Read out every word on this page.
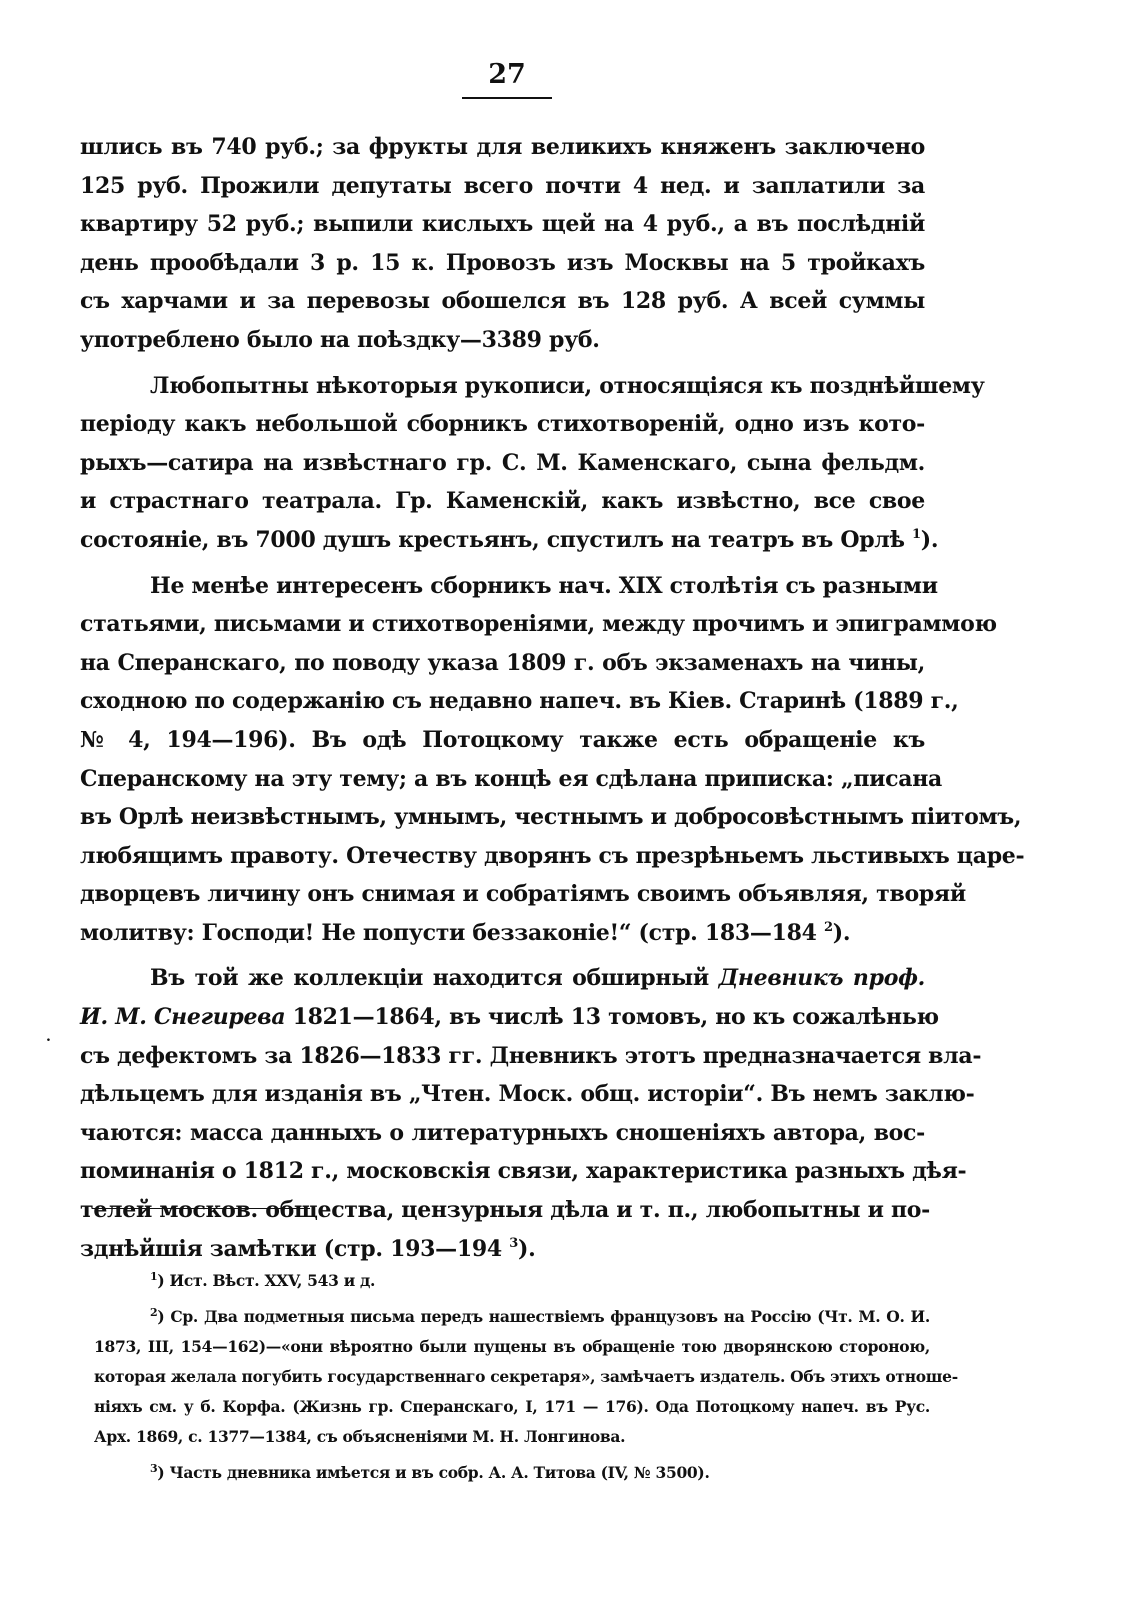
27
шлись въ 740 руб.; за фрукты для великихъ княженъ заключено
125 руб. Прожили депутаты всего почти 4 нед. и заплатили за
квартиру 52 руб.; выпили кислыхъ щей на 4 руб., а въ послѣдній
день прообѣдали 3 р. 15 к. Провозъ изъ Москвы на 5 тройкахъ
съ харчами и за перевозы обошелся въ 128 руб. А всей суммы
употреблено было на поѣздку—3389 руб.
Любопытны нѣкоторыя рукописи, относящіяся къ позднѣйшему
періоду какъ небольшой сборникъ стихотвореній, одно изъ кото-
рыхъ—сатира на извѣстнаго гр. С. М. Каменскаго, сына фельдм.
и страстнаго театрала. Гр. Каменскій, какъ извѣстно, все свое
состояніе, въ 7000 душъ крестьянъ, спустилъ на театръ въ Орлѣ $^1$).
Не менѣе интересенъ сборникъ нач. XIX столѣтія съ разными
статьями, письмами и стихотвореніями, между прочимъ и эпиграммою
на Сперанскаго, по поводу указа 1809 г. объ экзаменахъ на чины,
сходною по содержанію съ недавно напеч. въ Кіев. Старинѣ (1889 г.,
№ 4, 194—196). Въ одѣ Потоцкому также есть обращеніе къ
Сперанскому на эту тему; а въ концѣ ея сдѣлана приписка: „писана
въ Орлѣ неизвѣстнымъ, умнымъ, честнымъ и добросовѣстнымъ піитомъ,
любящимъ правоту. Отечеству дворянъ съ презрѣньемъ льстивыхъ царе-
дворцевъ личину онъ снимая и собратіямъ своимъ объявляя, творяй
молитву: Господи! Не попусти беззаконіе!“ (стр. 183—184 $^2$).
Въ той же коллекціи находится обширный Дневникъ проф.
И. М. Снегирева 1821—1864, въ числѣ 13 томовъ, но къ сожалѣнью
съ дефектомъ за 1826—1833 гг. Дневникъ этотъ предназначается вла-
дѣльцемъ для изданія въ „Чтен. Моск. общ. исторіи“. Въ немъ заклю-
чаются: масса данныхъ о литературныхъ сношеніяхъ автора, вос-
поминанія о 1812 г., московскія связи, характеристика разныхъ дѣя-
телей москов. общества, цензурныя дѣла и т. п., любопытны и по-
зднѣйшія замѣтки (стр. 193—194 $^3$).
.
$^1$) Ист. Вѣст. XXV, 543 и д.
$^2$) Ср. Два подметныя письма передъ нашествіемъ французовъ на Россію (Чт. М. О. И.
1873, III, 154—162)—«они вѣроятно были пущены въ обращеніе тою дворянскою стороною,
которая желала погубить государственнаго секретаря», замѣчаетъ издатель. Объ этихъ отноше-
ніяхъ см. у б. Корфа. (Жизнь гр. Сперанскаго, I, 171 — 176). Ода Потоцкому напеч. въ Рус.
Арх. 1869, с. 1377—1384, съ объясненіями М. Н. Лонгинова.
$^3$) Часть дневника имѣется и въ собр. А. А. Титова (IV, № 3500).
